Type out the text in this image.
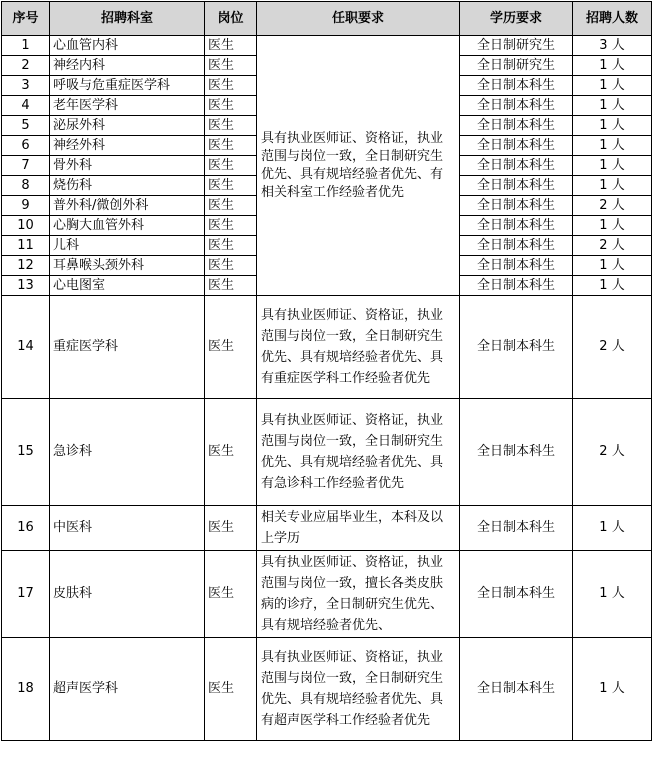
序号	招聘科室	岗位	任职要求	学历要求	招聘人数
1	心血管内科	医生	具有执业医师证、资格证，执业范围与岗位一致，全日制研究生优先、具有规培经验者优先、有相关科室工作经验者优先	全日制研究生	3 人
2	神经内科	医生		全日制研究生	1 人
3	呼吸与危重症医学科	医生		全日制本科生	1 人
4	老年医学科	医生		全日制本科生	1 人
5	泌尿外科	医生		全日制本科生	1 人
6	神经外科	医生		全日制本科生	1 人
7	骨外科	医生		全日制本科生	1 人
8	烧伤科	医生		全日制本科生	1 人
9	普外科/微创外科	医生		全日制本科生	2 人
10	心胸大血管外科	医生		全日制本科生	1 人
11	儿科	医生		全日制本科生	2 人
12	耳鼻喉头颈外科	医生		全日制本科生	1 人
13	心电图室	医生		全日制本科生	1 人
14	重症医学科	医生	具有执业医师证、资格证，执业范围与岗位一致，全日制研究生优先、具有规培经验者优先、具有重症医学科工作经验者优先	全日制本科生	2 人
15	急诊科	医生	具有执业医师证、资格证，执业范围与岗位一致，全日制研究生优先、具有规培经验者优先、具有急诊科工作经验者优先	全日制本科生	2 人
16	中医科	医生	相关专业应届毕业生，本科及以上学历	全日制本科生	1 人
17	皮肤科	医生	具有执业医师证、资格证，执业范围与岗位一致，擅长各类皮肤病的诊疗，全日制研究生优先、具有规培经验者优先、	全日制本科生	1 人
18	超声医学科	医生	具有执业医师证、资格证，执业范围与岗位一致，全日制研究生优先、具有规培经验者优先、具有超声医学科工作经验者优先	全日制本科生	1 人
